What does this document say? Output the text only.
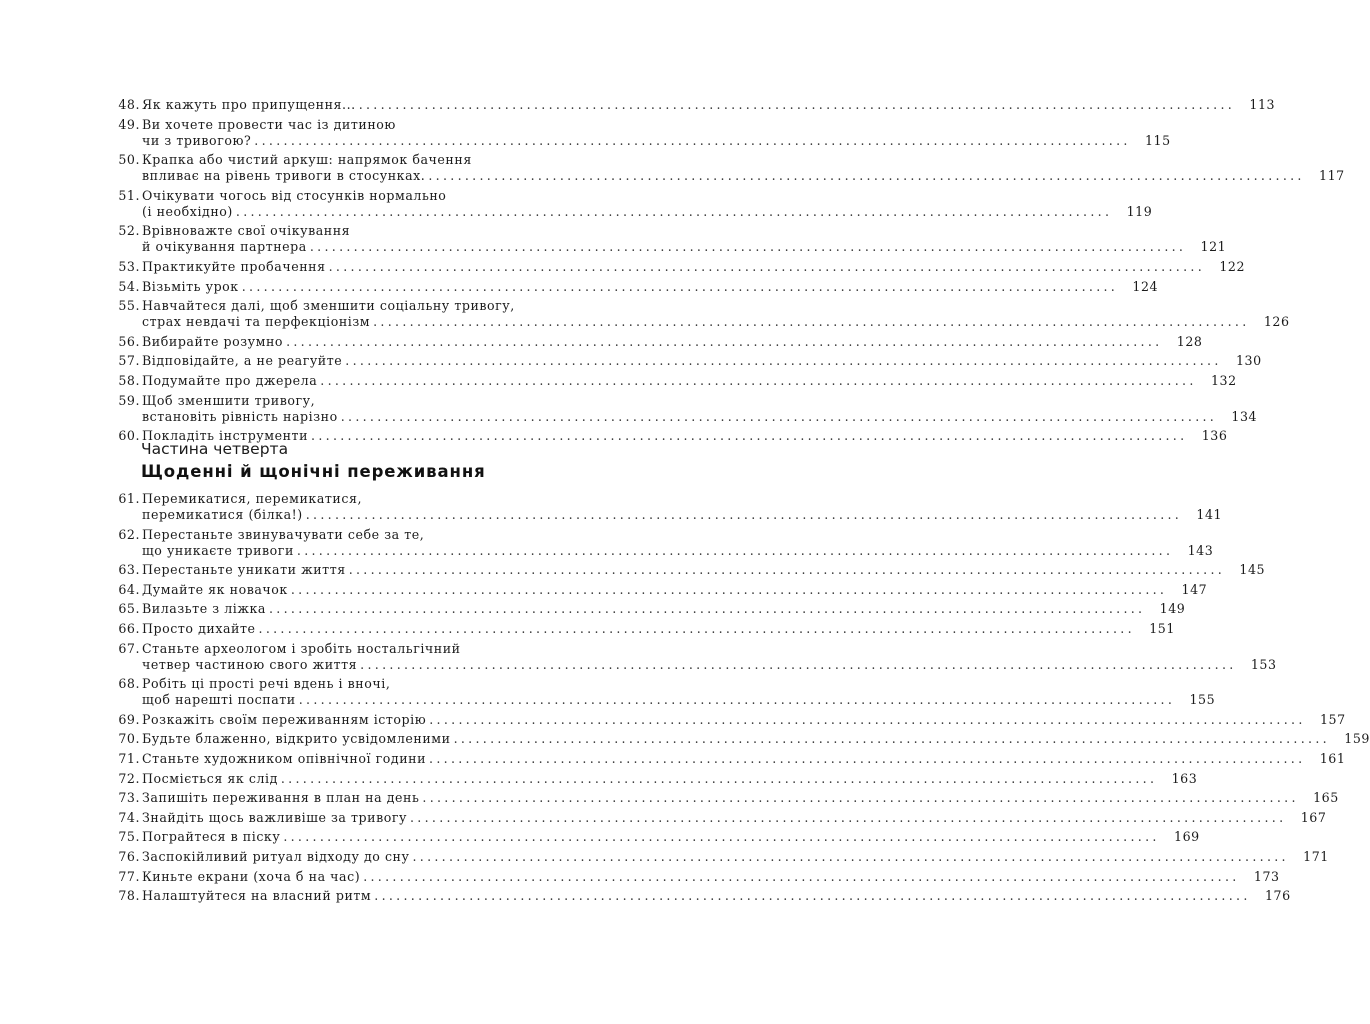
48. Як кажуть про припущення... ........................................................................................................................	113
49. Ви хочете провести час із дитиною
чи з тривогою? ........................................................................................................................	115
50. Крапка або чистий аркуш: напрямок бачення
впливає на рівень тривоги в стосунках. ........................................................................................................................	117
51. Очікувати чогось від стосунків нормально
(і необхідно) ........................................................................................................................	119
52. Врівноважте свої очікування
й очікування партнера ........................................................................................................................	121
53. Практикуйте пробачення ........................................................................................................................	122
54. Візьміть урок ........................................................................................................................	124
55. Навчайтеся далі, щоб зменшити соціальну тривогу,
страх невдачі та перфекціонізм ........................................................................................................................	126
56. Вибирайте розумно ........................................................................................................................	128
57. Відповідайте, а не реагуйте ........................................................................................................................	130
58. Подумайте про джерела ........................................................................................................................	132
59. Щоб зменшити тривогу,
встановіть рівність нарізно ........................................................................................................................	134
60. Покладіть інструменти ........................................................................................................................	136
Частина четверта
Щоденні й щонічні переживання
61. Перемикатися, перемикатися,
перемикатися (білка!) ........................................................................................................................	141
62. Перестаньте звинувачувати себе за те,
що уникаєте тривоги ........................................................................................................................	143
63. Перестаньте уникати життя ........................................................................................................................	145
64. Думайте як новачок ........................................................................................................................	147
65. Вилазьте з ліжка ........................................................................................................................	149
66. Просто дихайте ........................................................................................................................	151
67. Станьте археологом і зробіть ностальгічний
четвер частиною свого життя ........................................................................................................................	153
68. Робіть ці прості речі вдень і вночі,
щоб нарешті поспати ........................................................................................................................	155
69. Розкажіть своїм переживанням історію ........................................................................................................................	157
70. Будьте блаженно, відкрито усвідомленими ........................................................................................................................	159
71. Станьте художником опівнічної години ........................................................................................................................	161
72. Посміється як слід ........................................................................................................................	163
73. Запишіть переживання в план на день ........................................................................................................................	165
74. Знайдіть щось важливіше за тривогу ........................................................................................................................	167
75. Пограйтеся в піску ........................................................................................................................	169
76. Заспокійливий ритуал відходу до сну ........................................................................................................................	171
77. Киньте екрани (хоча б на час) ........................................................................................................................	173
78. Налаштуйтеся на власний ритм ........................................................................................................................	176
